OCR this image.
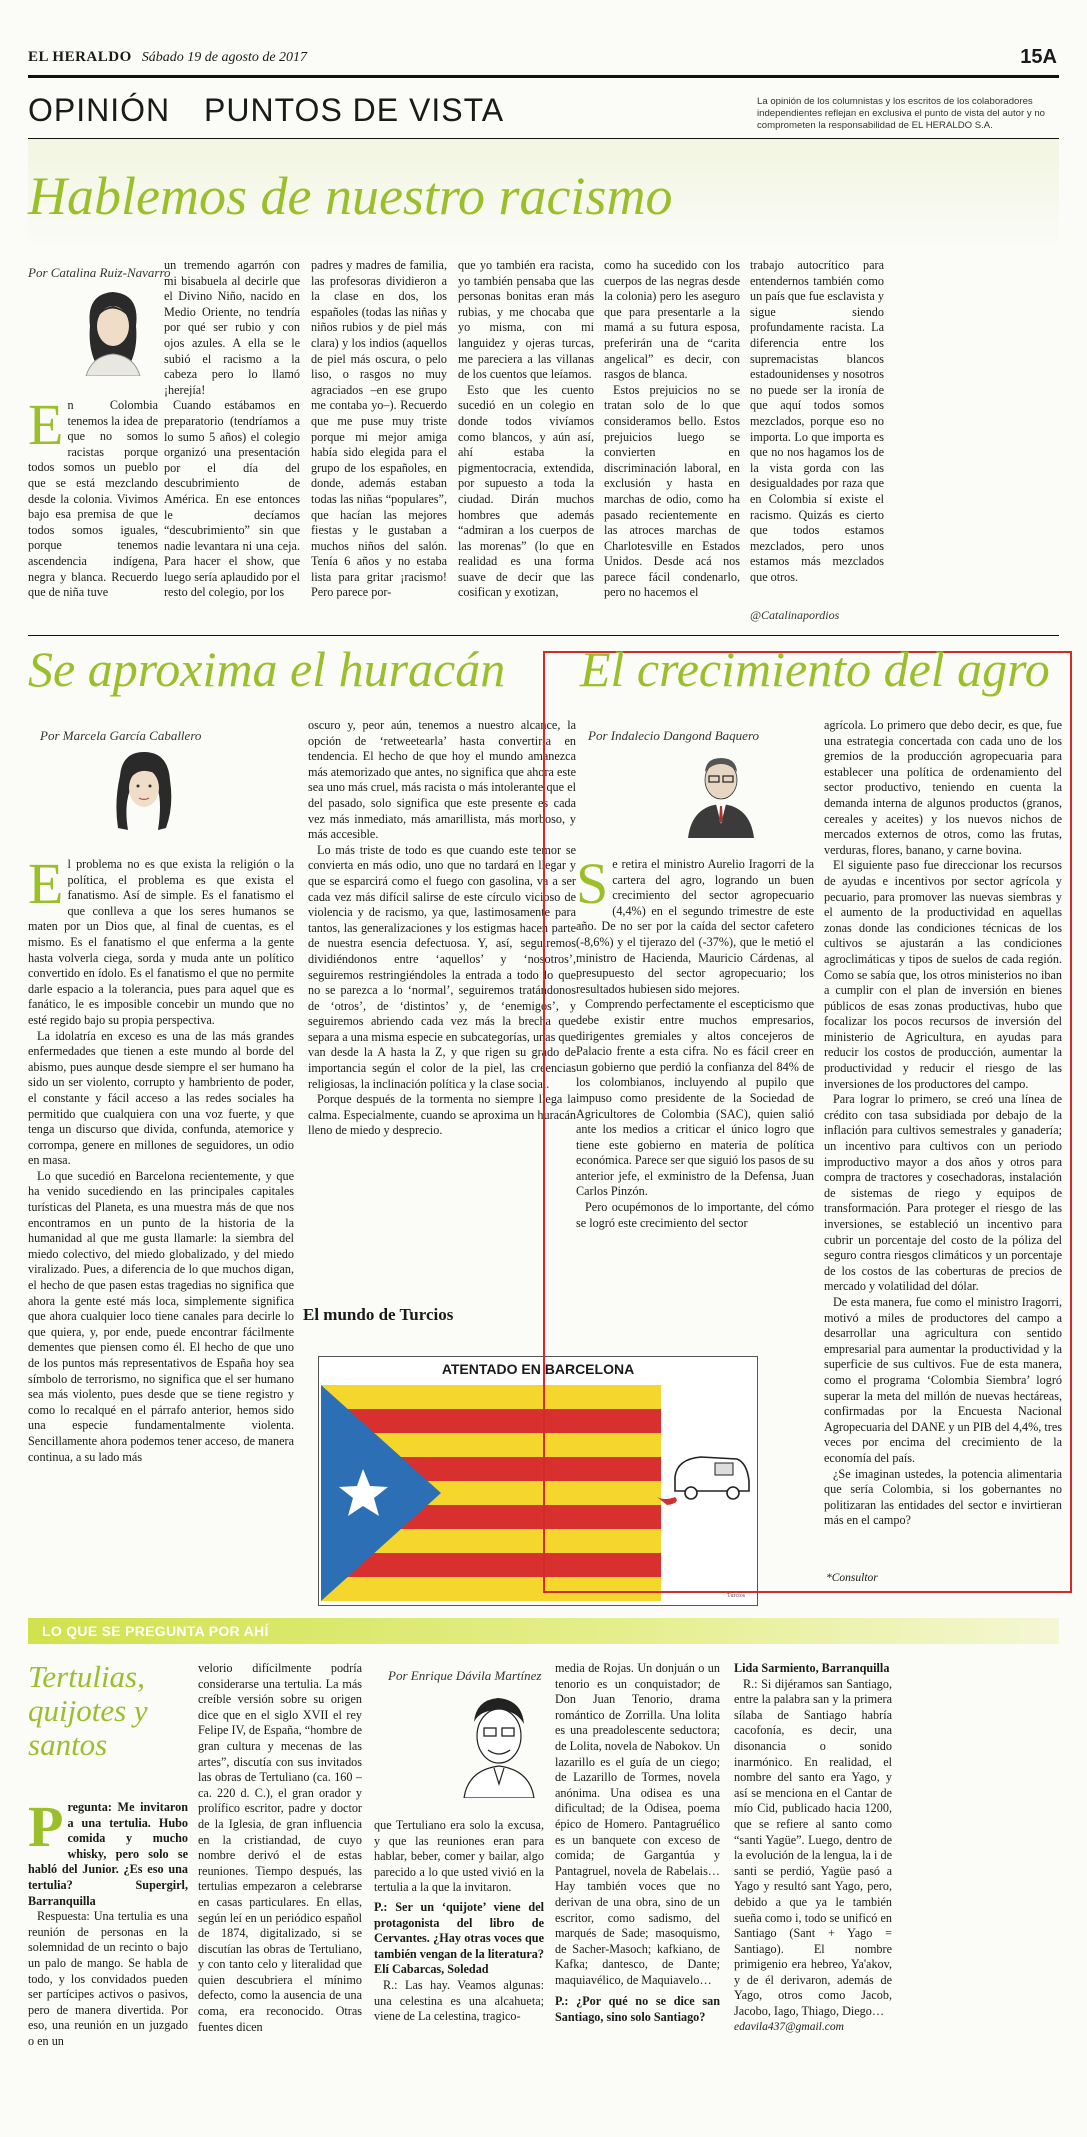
EL HERALDO Sábado 19 de agosto de 2017	15A
OPINIÓN PUNTOS DE VISTA	La opinión de los columnistas y los escritos de los colaboradores independientes reflejan en exclusiva el punto de vista del autor y no comprometen la responsabilidad de EL HERALDO S.A.
Hablemos de nuestro racismo
Por Catalina Ruiz-Navarro

En Colombia tenemos la idea de que no somos racistas porque todos somos un pueblo que se está mezclando desde la colonia. Vivimos bajo esa premisa de que todos somos iguales, porque tenemos ascendencia indígena, negra y blanca. Recuerdo que de niña tuve

un tremendo agarrón con mi bisabuela al decirle que el Divino Niño, nacido en Medio Oriente, no tendría por qué ser rubio y con ojos azules. A ella se le subió el racismo a la cabeza pero lo llamó ¡herejía!

Cuando estábamos en preparatorio (tendríamos a lo sumo 5 años) el colegio organizó una presentación por el día del descubrimiento de América. En ese entonces le decíamos “descubrimiento” sin que nadie levantara ni una ceja. Para hacer el show, que luego sería aplaudido por el resto del colegio, por los

padres y madres de familia, las profesoras dividieron a la clase en dos, los españoles (todas las niñas y niños rubios y de piel más clara) y los indios (aquellos de piel más oscura, o pelo liso, o rasgos no muy agraciados –en ese grupo me contaba yo–). Recuerdo que me puse muy triste porque mi mejor amiga había sido elegida para el grupo de los españoles, en donde, además estaban todas las niñas “populares”, que hacían las mejores fiestas y le gustaban a muchos niños del salón. Tenía 6 años y no estaba lista para gritar ¡racismo! Pero parece por-

que yo también era racista, yo también pensaba que las personas bonitas eran más rubias, y me chocaba que yo misma, con mi languidez y ojeras turcas, me pareciera a las villanas de los cuentos que leíamos.

Esto que les cuento sucedió en un colegio en donde todos vivíamos como blancos, y aún así, ahí estaba la pigmentocracia, extendida, por supuesto a toda la ciudad. Dirán muchos hombres que además “admiran a los cuerpos de las morenas” (lo que en realidad es una forma suave de decir que las cosifican y exotizan,

como ha sucedido con los cuerpos de las negras desde la colonia) pero les aseguro que para presentarle a la mamá a su futura esposa, preferirán una de “carita angelical” es decir, con rasgos de blanca.

Estos prejuicios no se tratan solo de lo que consideramos bello. Estos prejuicios luego se convierten en discriminación laboral, en exclusión y hasta en marchas de odio, como ha pasado recientemente en las atroces marchas de Charlotesville en Estados Unidos. Desde acá nos parece fácil condenarlo, pero no hacemos el

trabajo autocrítico para entendernos también como un país que fue esclavista y sigue siendo profundamente racista. La diferencia entre los supremacistas blancos estadounidenses y nosotros no puede ser la ironía de que aquí todos somos mezclados, porque eso no importa. Lo que importa es que no nos hagamos los de la vista gorda con las desigualdades por raza que en Colombia sí existe el racismo. Quizás es cierto que todos estamos mezclados, pero unos estamos más mezclados que otros.

@Catalinapordios
Se aproxima el huracán
Por Marcela García Caballero

El problema no es que exista la religión o la política, el problema es que exista el fanatismo. Así de simple. Es el fanatismo el que conlleva a que los seres humanos se maten por un Dios que, al final de cuentas, es el mismo. Es el fanatismo el que enferma a la gente hasta volverla ciega, sorda y muda ante un político convertido en ídolo. Es el fanatismo el que no permite darle espacio a la tolerancia, pues para aquel que es fanático, le es imposible concebir un mundo que no esté regido bajo su propia perspectiva.

La idolatría en exceso es una de las más grandes enfermedades que tienen a este mundo al borde del abismo, pues aunque desde siempre el ser humano ha sido un ser violento, corrupto y hambriento de poder, el constante y fácil acceso a las redes sociales ha permitido que cualquiera con una voz fuerte, y que tenga un discurso que divida, confunda, atemorice y corrompa, genere en millones de seguidores, un odio en masa.

Lo que sucedió en Barcelona recientemente, y que ha venido sucediendo en las principales capitales turísticas del Planeta, es una muestra más de que nos encontramos en un punto de la historia de la humanidad al que me gusta llamarle: la siembra del miedo colectivo, del miedo globalizado, y del miedo viralizado. Pues, a diferencia de lo que muchos digan, el hecho de que pasen estas tragedias no significa que ahora la gente esté más loca, simplemente significa que ahora cualquier loco tiene canales para decirle lo que quiera, y, por ende, puede encontrar fácilmente dementes que piensen como él. El hecho de que uno de los puntos más representativos de España hoy sea símbolo de terrorismo, no significa que el ser humano sea más violento, pues desde que se tiene registro y como lo recalqué en el párrafo anterior, hemos sido una especie fundamentalmente violenta. Sencillamente ahora podemos tener acceso, de manera continua, a su lado más

oscuro y, peor aún, tenemos a nuestro alcance, la opción de ‘retweetearla’ hasta convertirla en tendencia. El hecho de que hoy el mundo amanezca más atemorizado que antes, no significa que ahora este sea uno más cruel, más racista o más intolerante que el del pasado, solo significa que este presente es cada vez más inmediato, más amarillista, más morboso, y más accesible.

Lo más triste de todo es que cuando este temor se convierta en más odio, uno que no tardará en llegar y que se esparcirá como el fuego con gasolina, va a ser cada vez más difícil salirse de este círculo vicioso de violencia y de racismo, ya que, lastimosamente para tantos, las generalizaciones y los estigmas hacen parte de nuestra esencia defectuosa. Y, así, seguiremos dividiéndonos entre ‘aquellos’ y ‘nosotros’, seguiremos restringiéndoles la entrada a todo lo que no se parezca a lo ‘normal’, seguiremos tratándonos de ‘otros’, de ‘distintos’ y, de ‘enemigos’, y seguiremos abriendo cada vez más la brecha que separa a una misma especie en subcategorías, unas que van desde la A hasta la Z, y que rigen su grado de importancia según el color de la piel, las creencias religiosas, la inclinación política y la clase social.

Porque después de la tormenta no siempre llega la calma. Especialmente, cuando se aproxima un huracán lleno de miedo y desprecio.

El mundo de Turcios
ATENTADO EN BARCELONA
Turcios
El crecimiento del agro
Por Indalecio Dangond Baquero

Se retira el ministro Aurelio Iragorri de la cartera del agro, logrando un buen crecimiento del sector agropecuario (4,4%) en el segundo trimestre de este año. De no ser por la caída del sector cafetero (-8,6%) y el tijerazo del (-37%), que le metió el ministro de Hacienda, Mauricio Cárdenas, al presupuesto del sector agropecuario; los resultados hubiesen sido mejores.

Comprendo perfectamente el escepticismo que debe existir entre muchos empresarios, dirigentes gremiales y altos concejeros de Palacio frente a esta cifra. No es fácil creer en un gobierno que perdió la confianza del 84% de los colombianos, incluyendo al pupilo que impuso como presidente de la Sociedad de Agricultores de Colombia (SAC), quien salió ante los medios a criticar el único logro que tiene este gobierno en materia de política económica. Parece ser que siguió los pasos de su anterior jefe, el exministro de la Defensa, Juan Carlos Pinzón.

Pero ocupémonos de lo importante, del cómo se logró este crecimiento del sector

agrícola. Lo primero que debo decir, es que, fue una estrategia concertada con cada uno de los gremios de la producción agropecuaria para establecer una política de ordenamiento del sector productivo, teniendo en cuenta la demanda interna de algunos productos (granos, cereales y aceites) y los nuevos nichos de mercados externos de otros, como las frutas, verduras, flores, banano, y carne bovina.

El siguiente paso fue direccionar los recursos de ayudas e incentivos por sector agrícola y pecuario, para promover las nuevas siembras y el aumento de la productividad en aquellas zonas donde las condiciones técnicas de los cultivos se ajustarán a las condiciones agroclimáticas y tipos de suelos de cada región. Como se sabía que, los otros ministerios no iban a cumplir con el plan de inversión en bienes públicos de esas zonas productivas, hubo que focalizar los pocos recursos de inversión del ministerio de Agricultura, en ayudas para reducir los costos de producción, aumentar la productividad y reducir el riesgo de las inversiones de los productores del campo.

Para lograr lo primero, se creó una línea de crédito con tasa subsidiada por debajo de la inflación para cultivos semestrales y ganadería; un incentivo para cultivos con un periodo improductivo mayor a dos años y otros para compra de tractores y cosechadoras, instalación de sistemas de riego y equipos de transformación. Para proteger el riesgo de las inversiones, se estableció un incentivo para cubrir un porcentaje del costo de la póliza del seguro contra riesgos climáticos y un porcentaje de los costos de las coberturas de precios de mercado y volatilidad del dólar.

De esta manera, fue como el ministro Iragorri, motivó a miles de productores del campo a desarrollar una agricultura con sentido empresarial para aumentar la productividad y la superficie de sus cultivos. Fue de esta manera, como el programa ‘Colombia Siembra’ logró superar la meta del millón de nuevas hectáreas, confirmadas por la Encuesta Nacional Agropecuaria del DANE y un PIB del 4,4%, tres veces por encima del crecimiento de la economía del país.

¿Se imaginan ustedes, la potencia alimentaria que sería Colombia, si los gobernantes no politizaran las entidades del sector e invirtieran más en el campo?

*Consultor
LO QUE SE PREGUNTA POR AHÍ
Tertulias, quijotes y santos

Pregunta: Me invitaron a una tertulia. Hubo comida y mucho whisky, pero solo se habló del Junior. ¿Es eso una tertulia? Supergirl, Barranquilla

Respuesta: Una tertulia es una reunión de personas en la solemnidad de un recinto o bajo un palo de mango. Se habla de todo, y los convidados pueden ser partícipes activos o pasivos, pero de manera divertida. Por eso, una reunión en un juzgado o en un

velorio difícilmente podría considerarse una tertulia. La más creíble versión sobre su origen dice que en el siglo XVII el rey Felipe IV, de España, “hombre de gran cultura y mecenas de las artes”, discutía con sus invitados las obras de Tertuliano (ca. 160 – ca. 220 d. C.), el gran orador y prolífico escritor, padre y doctor de la Iglesia, de gran influencia en la cristiandad, de cuyo nombre derivó el de estas reuniones. Tiempo después, las tertulias empezaron a celebrarse en casas particulares. En ellas, según leí en un periódico español de 1874, digitalizado, si se discutían las obras de Tertuliano, y con tanto celo y literalidad que quien descubriera el mínimo defecto, como la ausencia de una coma, era reconocido. Otras fuentes dicen

Por Enrique Dávila Martínez

que Tertuliano era solo la excusa, y que las reuniones eran para hablar, beber, comer y bailar, algo parecido a lo que usted vivió en la tertulia a la que la invitaron.

P.: Ser un ‘quijote’ viene del protagonista del libro de Cervantes. ¿Hay otras voces que también vengan de la literatura? Elí Cabarcas, Soledad

R.: Las hay. Veamos algunas: una celestina es una alcahueta; viene de La celestina, tragico-

media de Rojas. Un donjuán o un tenorio es un conquistador; de Don Juan Tenorio, drama romántico de Zorrilla. Una lolita es una preadolescente seductora; de Lolita, novela de Nabokov. Un lazarillo es el guía de un ciego; de Lazarillo de Tormes, novela anónima. Una odisea es una dificultad; de la Odisea, poema épico de Homero. Pantagruélico es un banquete con exceso de comida; de Gargantúa y Pantagruel, novela de Rabelais… Hay también voces que no derivan de una obra, sino de un escritor, como sadismo, del marqués de Sade; masoquismo, de Sacher-Masoch; kafkiano, de Kafka; dantesco, de Dante; maquiavélico, de Maquiavelo…

P.: ¿Por qué no se dice san Santiago, sino solo Santiago?

Lida Sarmiento, Barranquilla

R.: Si dijéramos san Santiago, entre la palabra san y la primera sílaba de Santiago habría cacofonía, es decir, una disonancia o sonido inarmónico. En realidad, el nombre del santo era Yago, y así se menciona en el Cantar de mío Cid, publicado hacia 1200, que se refiere al santo como “santi Yagüe”. Luego, dentro de la evolución de la lengua, la i de santi se perdió, Yagüe pasó a Yago y resultó sant Yago, pero, debido a que ya le también sueña como i, todo se unificó en Santiago (Sant + Yago = Santiago). El nombre primigenio era hebreo, Ya'akov, y de él derivaron, además de Yago, otros como Jacob, Jacobo, Iago, Thiago, Diego…

edavila437@gmail.com
